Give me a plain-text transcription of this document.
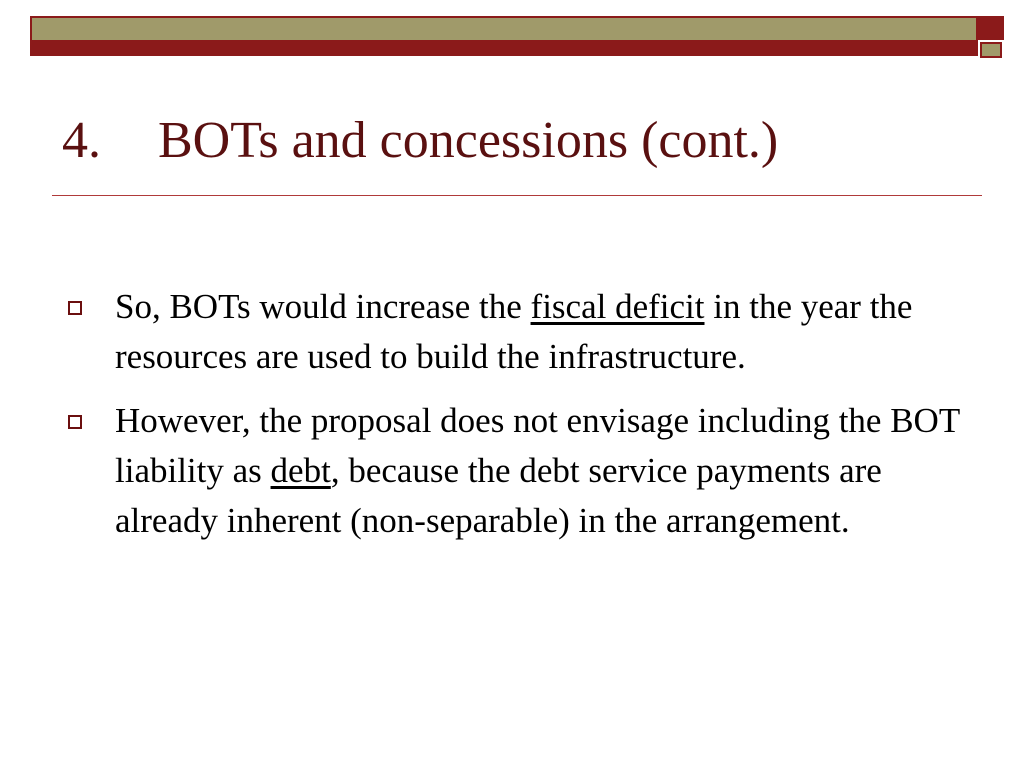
4. BOTs and concessions (cont.)
So, BOTs would increase the fiscal deficit in the year the resources are used to build the infrastructure.
However, the proposal does not envisage including the BOT liability as debt, because the debt service payments are already inherent (non-separable) in the arrangement.
